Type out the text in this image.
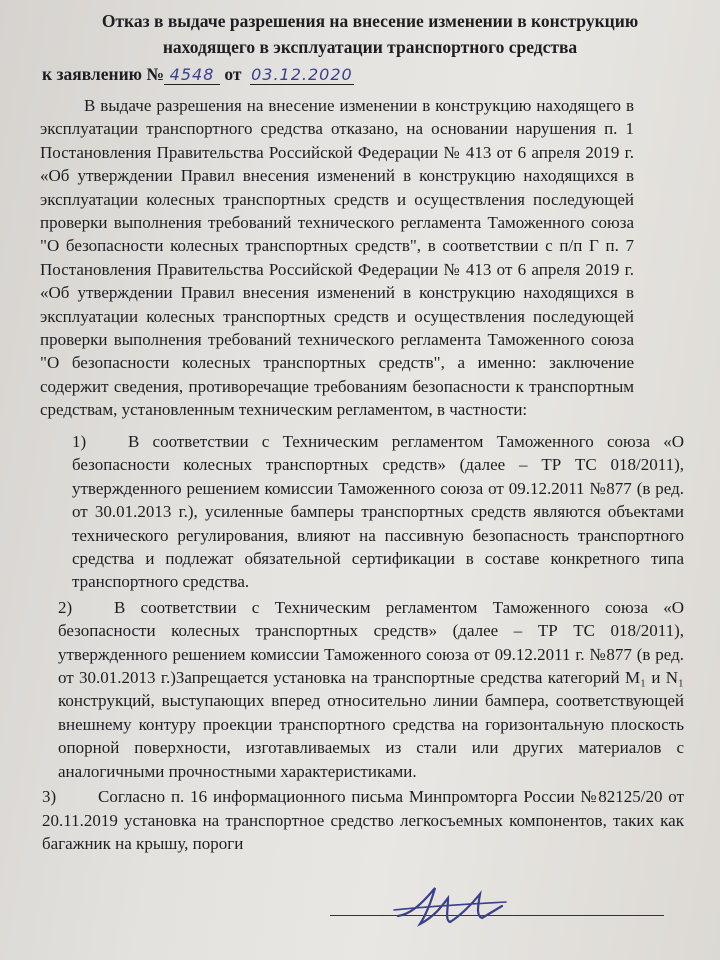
Отказ в выдаче разрешения на внесение изменении в конструкцию находящего в эксплуатации транспортного средства
к заявлению № 4548 от 03.12.2020

В выдаче разрешения на внесение изменении в конструкцию находящего в эксплуатации транспортного средства отказано, на основании нарушения п. 1 Постановления Правительства Российской Федерации № 413 от 6 апреля 2019 г. «Об утверждении Правил внесения изменений в конструкцию находящихся в эксплуатации колесных транспортных средств и осуществления последующей проверки выполнения требований технического регламента Таможенного союза "О безопасности колесных транспортных средств", в соответствии с п/п Г п. 7 Постановления Правительства Российской Федерации № 413 от 6 апреля 2019 г. «Об утверждении Правил внесения изменений в конструкцию находящихся в эксплуатации колесных транспортных средств и осуществления последующей проверки выполнения требований технического регламента Таможенного союза "О безопасности колесных транспортных средств", а именно: заключение содержит сведения, противоречащие требованиям безопасности к транспортным средствам, установленным техническим регламентом, в частности:

1) В соответствии с Техническим регламентом Таможенного союза «О безопасности колесных транспортных средств» (далее – ТР ТС 018/2011), утвержденного решением комиссии Таможенного союза от 09.12.2011 №877 (в ред. от 30.01.2013 г.), усиленные бамперы транспортных средств являются объектами технического регулирования, влияют на пассивную безопасность транспортного средства и подлежат обязательной сертификации в составе конкретного типа транспортного средства.
2) В соответствии с Техническим регламентом Таможенного союза «О безопасности колесных транспортных средств» (далее – ТР ТС 018/2011), утвержденного решением комиссии Таможенного союза от 09.12.2011 г. №877 (в ред. от 30.01.2013 г.)Запрещается установка на транспортные средства категорий M₁ и N₁ конструкций, выступающих вперед относительно линии бампера, соответствующей внешнему контуру проекции транспортного средства на горизонтальную плоскость опорной поверхности, изготавливаемых из стали или других материалов с аналогичными прочностными характеристиками.
3) Согласно п. 16 информационного письма Минпромторга России №82125/20 от 20.11.2019 установка на транспортное средство легкосъемных компонентов, таких как багажник на крышу, пороги
